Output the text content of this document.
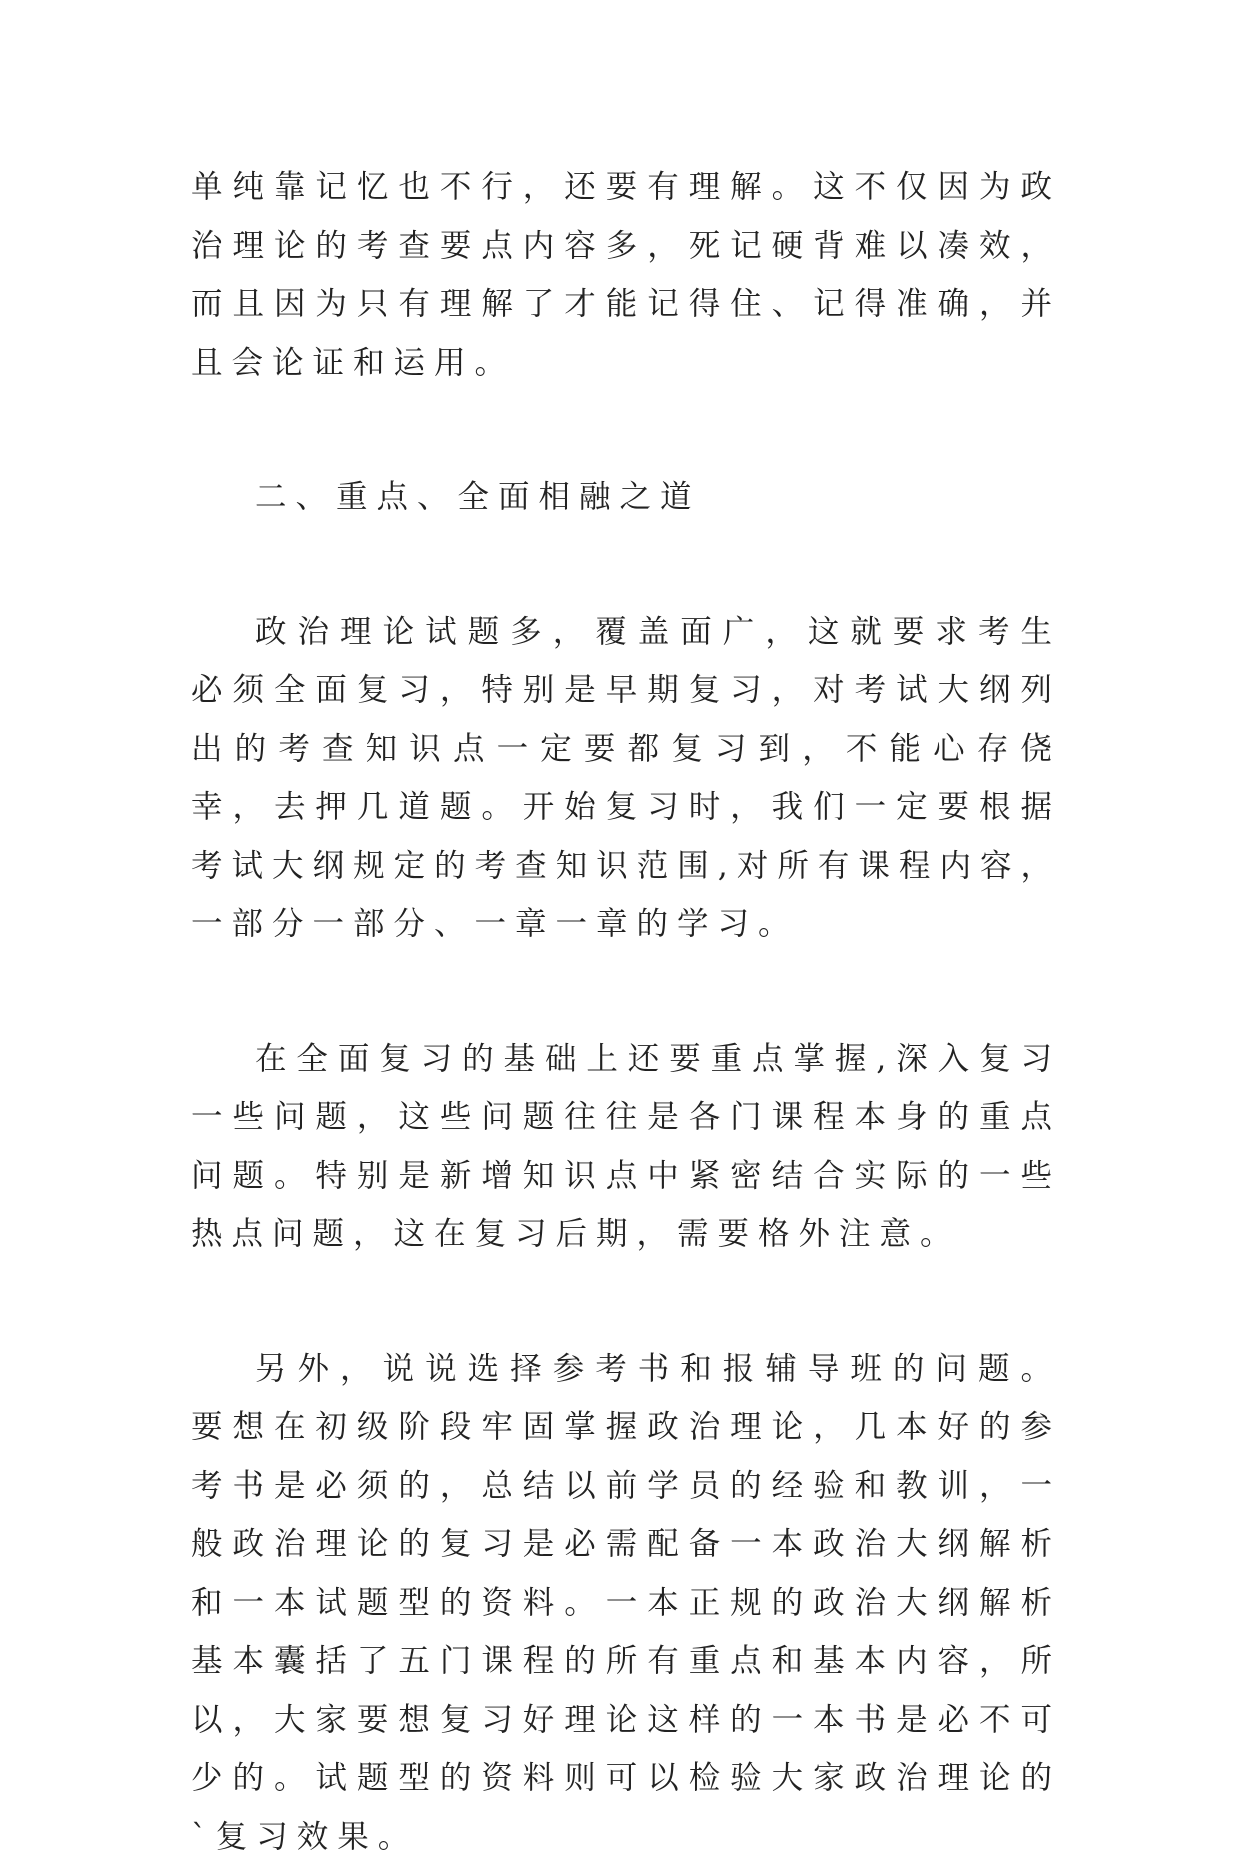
单纯靠记忆也不行，还要有理解。这不仅因为政治理论的考查要点内容多，死记硬背难以凑效，而且因为只有理解了才能记得住、记得准确，并且会论证和运用。

二、重点、全面相融之道

政治理论试题多，覆盖面广，这就要求考生必须全面复习，特别是早期复习，对考试大纲列出的考查知识点一定要都复习到，不能心存侥幸，去押几道题。开始复习时，我们一定要根据考试大纲规定的考查知识范围,对所有课程内容，一部分一部分、一章一章的学习。

在全面复习的基础上还要重点掌握,深入复习一些问题，这些问题往往是各门课程本身的重点问题。特别是新增知识点中紧密结合实际的一些热点问题，这在复习后期，需要格外注意。

另外，说说选择参考书和报辅导班的问题。要想在初级阶段牢固掌握政治理论，几本好的参考书是必须的，总结以前学员的经验和教训，一般政治理论的复习是必需配备一本政治大纲解析和一本试题型的资料。一本正规的政治大纲解析基本囊括了五门课程的所有重点和基本内容，所以，大家要想复习好理论这样的一本书是必不可少的。试题型的资料则可以检验大家政治理论的`复习效果。
